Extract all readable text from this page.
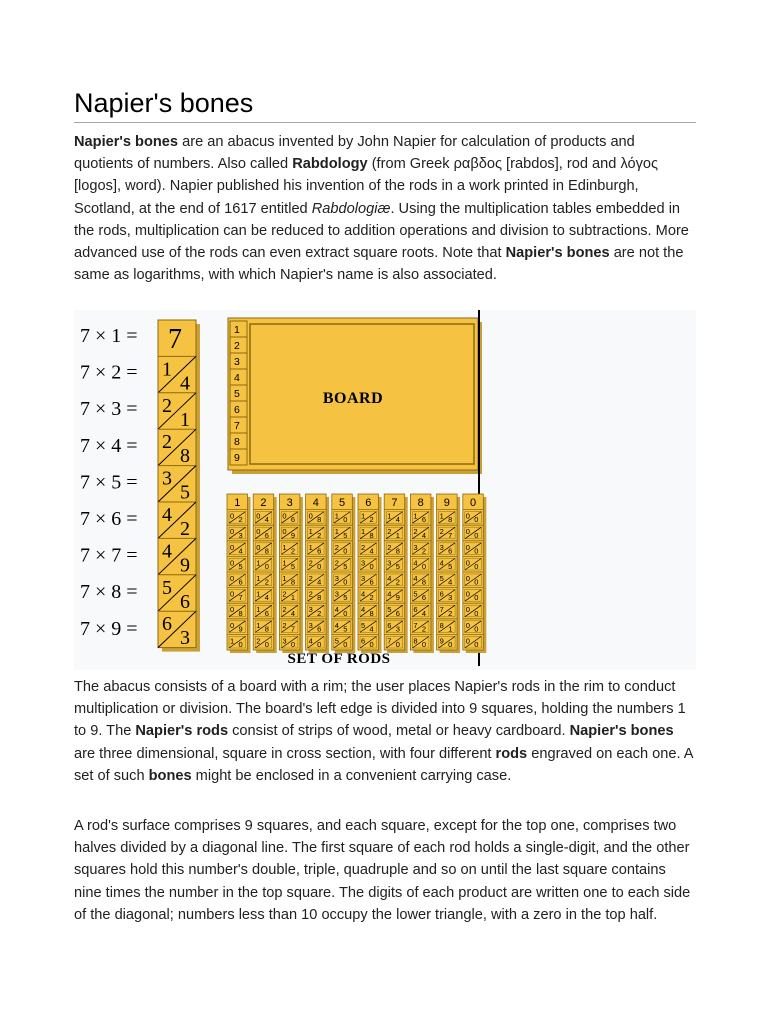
Napier's bones

Napier's bones are an abacus invented by John Napier for calculation of products and quotients of numbers. Also called Rabdology (from Greek ραβδος [rabdos], rod and λόγος [logos], word). Napier published his invention of the rods in a work printed in Edinburgh, Scotland, at the end of 1617 entitled Rabdologiæ. Using the multiplication tables embedded in the rods, multiplication can be reduced to addition operations and division to subtractions. More advanced use of the rods can even extract square roots. Note that Napier's bones are not the same as logarithms, with which Napier's name is also associated.

7 × 1 =
7 × 2 =
7 × 3 =
7 × 4 =
7 × 5 =
7 × 6 =
7 × 7 =
7 × 8 =
7 × 9 =
7
1
4
2
1
2
8
3
5
4
2
4
9
5
6
6
3
1
2
3
4
5
6
7
8
9
BOARD
1
0 2
0 3
0 4
0 5
0 6
0 7
0 8
0 9
1 0
2
0 4
0 6
0 8
1 0
1 2
1 4
1 6
1 8
2 0
3
0 6
0 9
1 2
1 5
1 8
2 1
2 4
2 7
3 0
4
0 8
1 2
1 6
2 0
2 4
2 8
3 2
3 6
4 0
5
1 0
1 5
2 0
2 5
3 0
3 5
4 0
4 5
5 0
6
1 2
1 8
2 4
3 0
3 6
4 2
4 8
5 4
6 0
7
1 4
2 1
2 8
3 5
4 2
4 9
5 6
6 3
7 0
8
1 6
2 4
3 2
4 0
4 8
5 6
6 4
7 2
8 0
9
1 8
2 7
3 6
4 5
5 4
6 3
7 2
8 1
9 0
0
0 0
0 0
0 0
0 0
0 0
0 0
0 0
0 0
0 0
SET OF RODS

The abacus consists of a board with a rim; the user places Napier's rods in the rim to conduct multiplication or division. The board's left edge is divided into 9 squares, holding the numbers 1 to 9. The Napier's rods consist of strips of wood, metal or heavy cardboard. Napier's bones are three dimensional, square in cross section, with four different rods engraved on each one. A set of such bones might be enclosed in a convenient carrying case.

A rod's surface comprises 9 squares, and each square, except for the top one, comprises two halves divided by a diagonal line. The first square of each rod holds a single-digit, and the other squares hold this number's double, triple, quadruple and so on until the last square contains nine times the number in the top square. The digits of each product are written one to each side of the diagonal; numbers less than 10 occupy the lower triangle, with a zero in the top half.
